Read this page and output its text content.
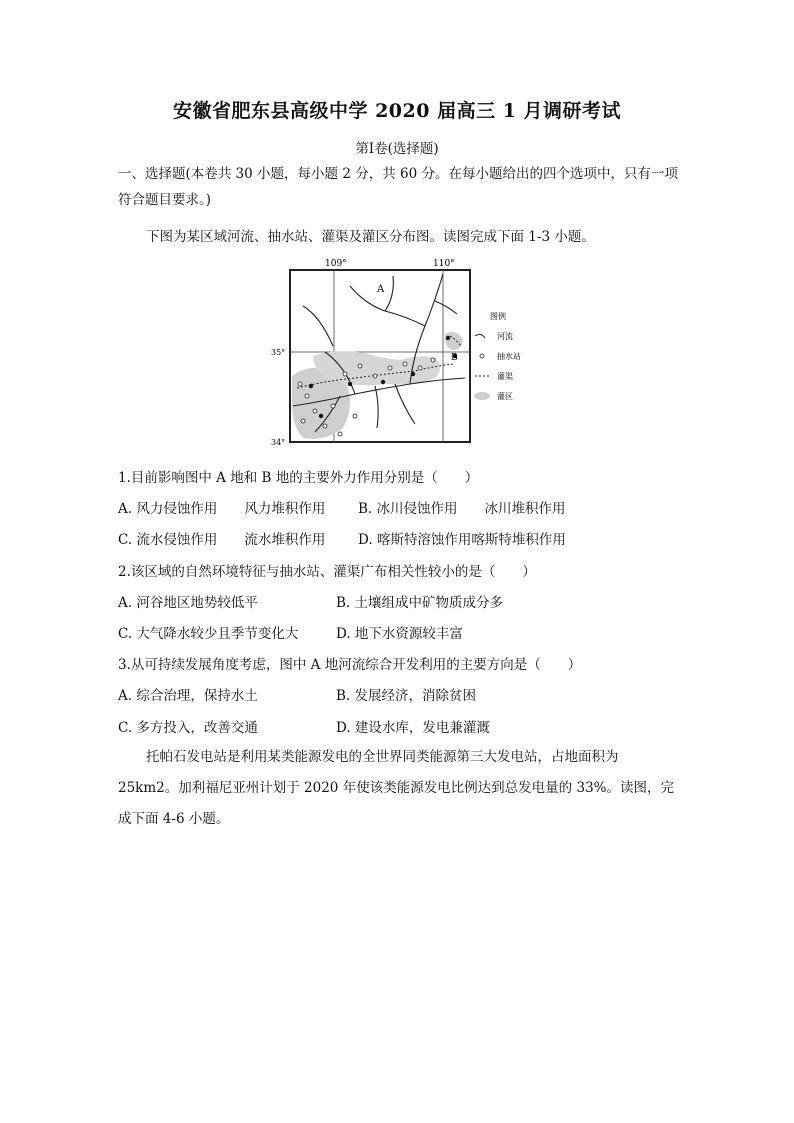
安徽省肥东县高级中学 2020 届高三 1 月调研考试
第Ⅰ卷(选择题)

一、选择题(本卷共 30 小题，每小题 2 分，共 60 分。在每小题给出的四个选项中，只有一项符合题目要求。)

下图为某区域河流、抽水站、灌渠及灌区分布图。读图完成下面 1-3 小题。

109°	110°
35°
34°
A
B
图例
河流
抽水站
灌渠
灌区
1.目前影响图中 A 地和 B 地的主要外力作用分别是（　　）
A. 风力侵蚀作用　　风力堆积作用 B. 冰川侵蚀作用　　冰川堆积作用
C. 流水侵蚀作用　　流水堆积作用 D. 喀斯特溶蚀作用喀斯特堆积作用
2.该区域的自然环境特征与抽水站、灌渠广布相关性较小的是（　　）
A. 河谷地区地势较低平	B. 土壤组成中矿物质成分多
C. 大气降水较少且季节变化大	D. 地下水资源较丰富
3.从可持续发展角度考虑，图中 A 地河流综合开发利用的主要方向是（　　）
A. 综合治理，保持水土	B. 发展经济，消除贫困
C. 多方投入，改善交通	D. 建设水库，发电兼灌溉

托帕石发电站是利用某类能源发电的全世界同类能源第三大发电站，占地面积为 25km2。加利福尼亚州计划于 2020 年使该类能源发电比例达到总发电量的 33%。读图，完成下面 4-6 小题。
